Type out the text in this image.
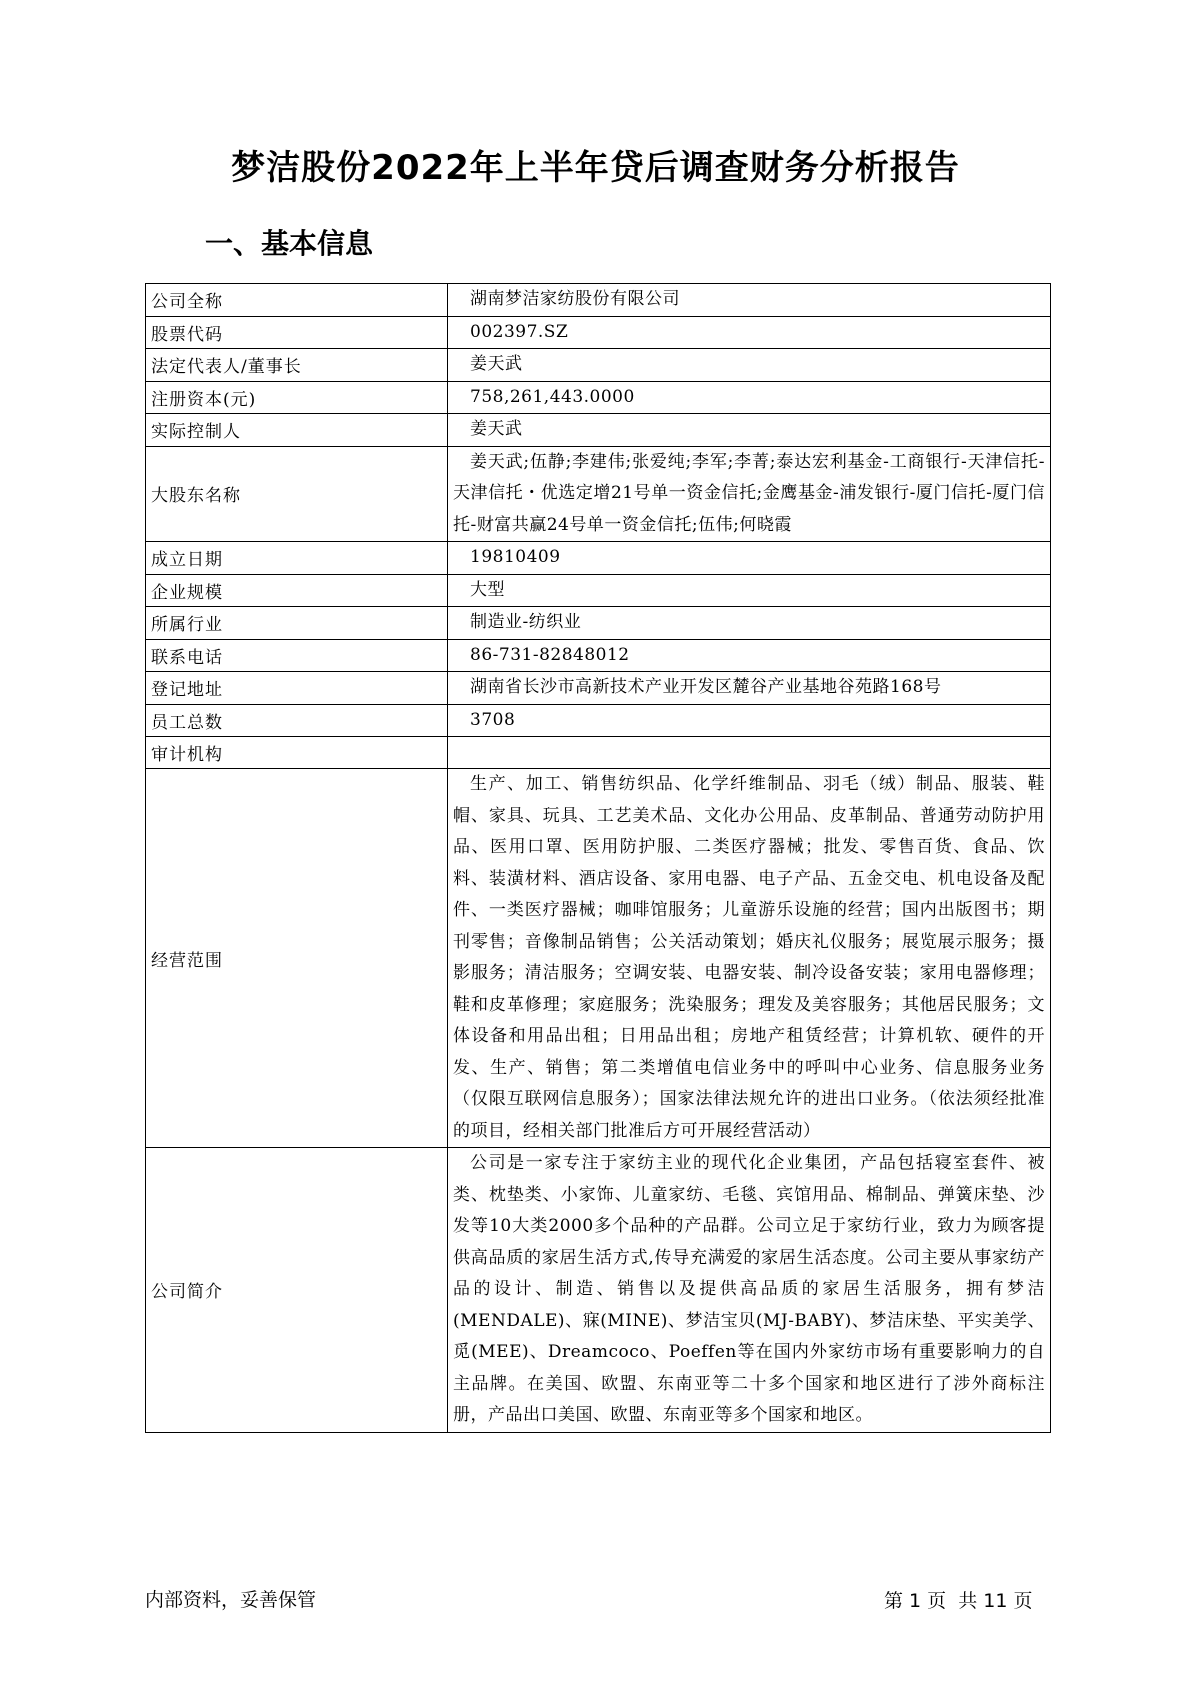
梦洁股份2022年上半年贷后调查财务分析报告
一、基本信息
公司全称	湖南梦洁家纺股份有限公司

股票代码	002397.SZ

法定代表人/董事长	姜天武

注册资本(元)	758,261,443.0000

实际控制人	姜天武

大股东名称	姜天武;伍静;李建伟;张爱纯;李军;李菁;泰达宏利基金-工商银行-天津信托-天津信托・优选定增21号单一资金信托;金鹰基金-浦发银行-厦门信托-厦门信托-财富共赢24号单一资金信托;伍伟;何晓霞

成立日期	19810409

企业规模	大型

所属行业	制造业-纺织业

联系电话	86-731-82848012

登记地址	湖南省长沙市高新技术产业开发区麓谷产业基地谷苑路168号

员工总数	3708

审计机构	

经营范围	生产、加工、销售纺织品、化学纤维制品、羽毛（绒）制品、服装、鞋帽、家具、玩具、工艺美术品、文化办公用品、皮革制品、普通劳动防护用品、医用口罩、医用防护服、二类医疗器械；批发、零售百货、食品、饮料、装潢材料、酒店设备、家用电器、电子产品、五金交电、机电设备及配件、一类医疗器械；咖啡馆服务；儿童游乐设施的经营；国内出版图书；期刊零售；音像制品销售；公关活动策划；婚庆礼仪服务；展览展示服务；摄影服务；清洁服务；空调安装、电器安装、制冷设备安装；家用电器修理；鞋和皮革修理；家庭服务；洗染服务；理发及美容服务；其他居民服务；文体设备和用品出租；日用品出租；房地产租赁经营；计算机软、硬件的开发、生产、销售；第二类增值电信业务中的呼叫中心业务、信息服务业务（仅限互联网信息服务）；国家法律法规允许的进出口业务。（依法须经批准的项目，经相关部门批准后方可开展经营活动）

公司简介	公司是一家专注于家纺主业的现代化企业集团，产品包括寝室套件、被类、枕垫类、小家饰、儿童家纺、毛毯、宾馆用品、棉制品、弹簧床垫、沙发等10大类2000多个品种的产品群。公司立足于家纺行业，致力为顾客提供高品质的家居生活方式,传导充满爱的家居生活态度。公司主要从事家纺产品的设计、制造、销售以及提供高品质的家居生活服务，拥有梦洁(MENDALE)、寐(MINE)、梦洁宝贝(MJ-BABY)、梦洁床垫、平实美学、觅(MEE)、Dreamcoco、Poeffen等在国内外家纺市场有重要影响力的自主品牌。在美国、欧盟、东南亚等二十多个国家和地区进行了涉外商标注册，产品出口美国、欧盟、东南亚等多个国家和地区。
内部资料，妥善保管	第 1 页  共 11 页
